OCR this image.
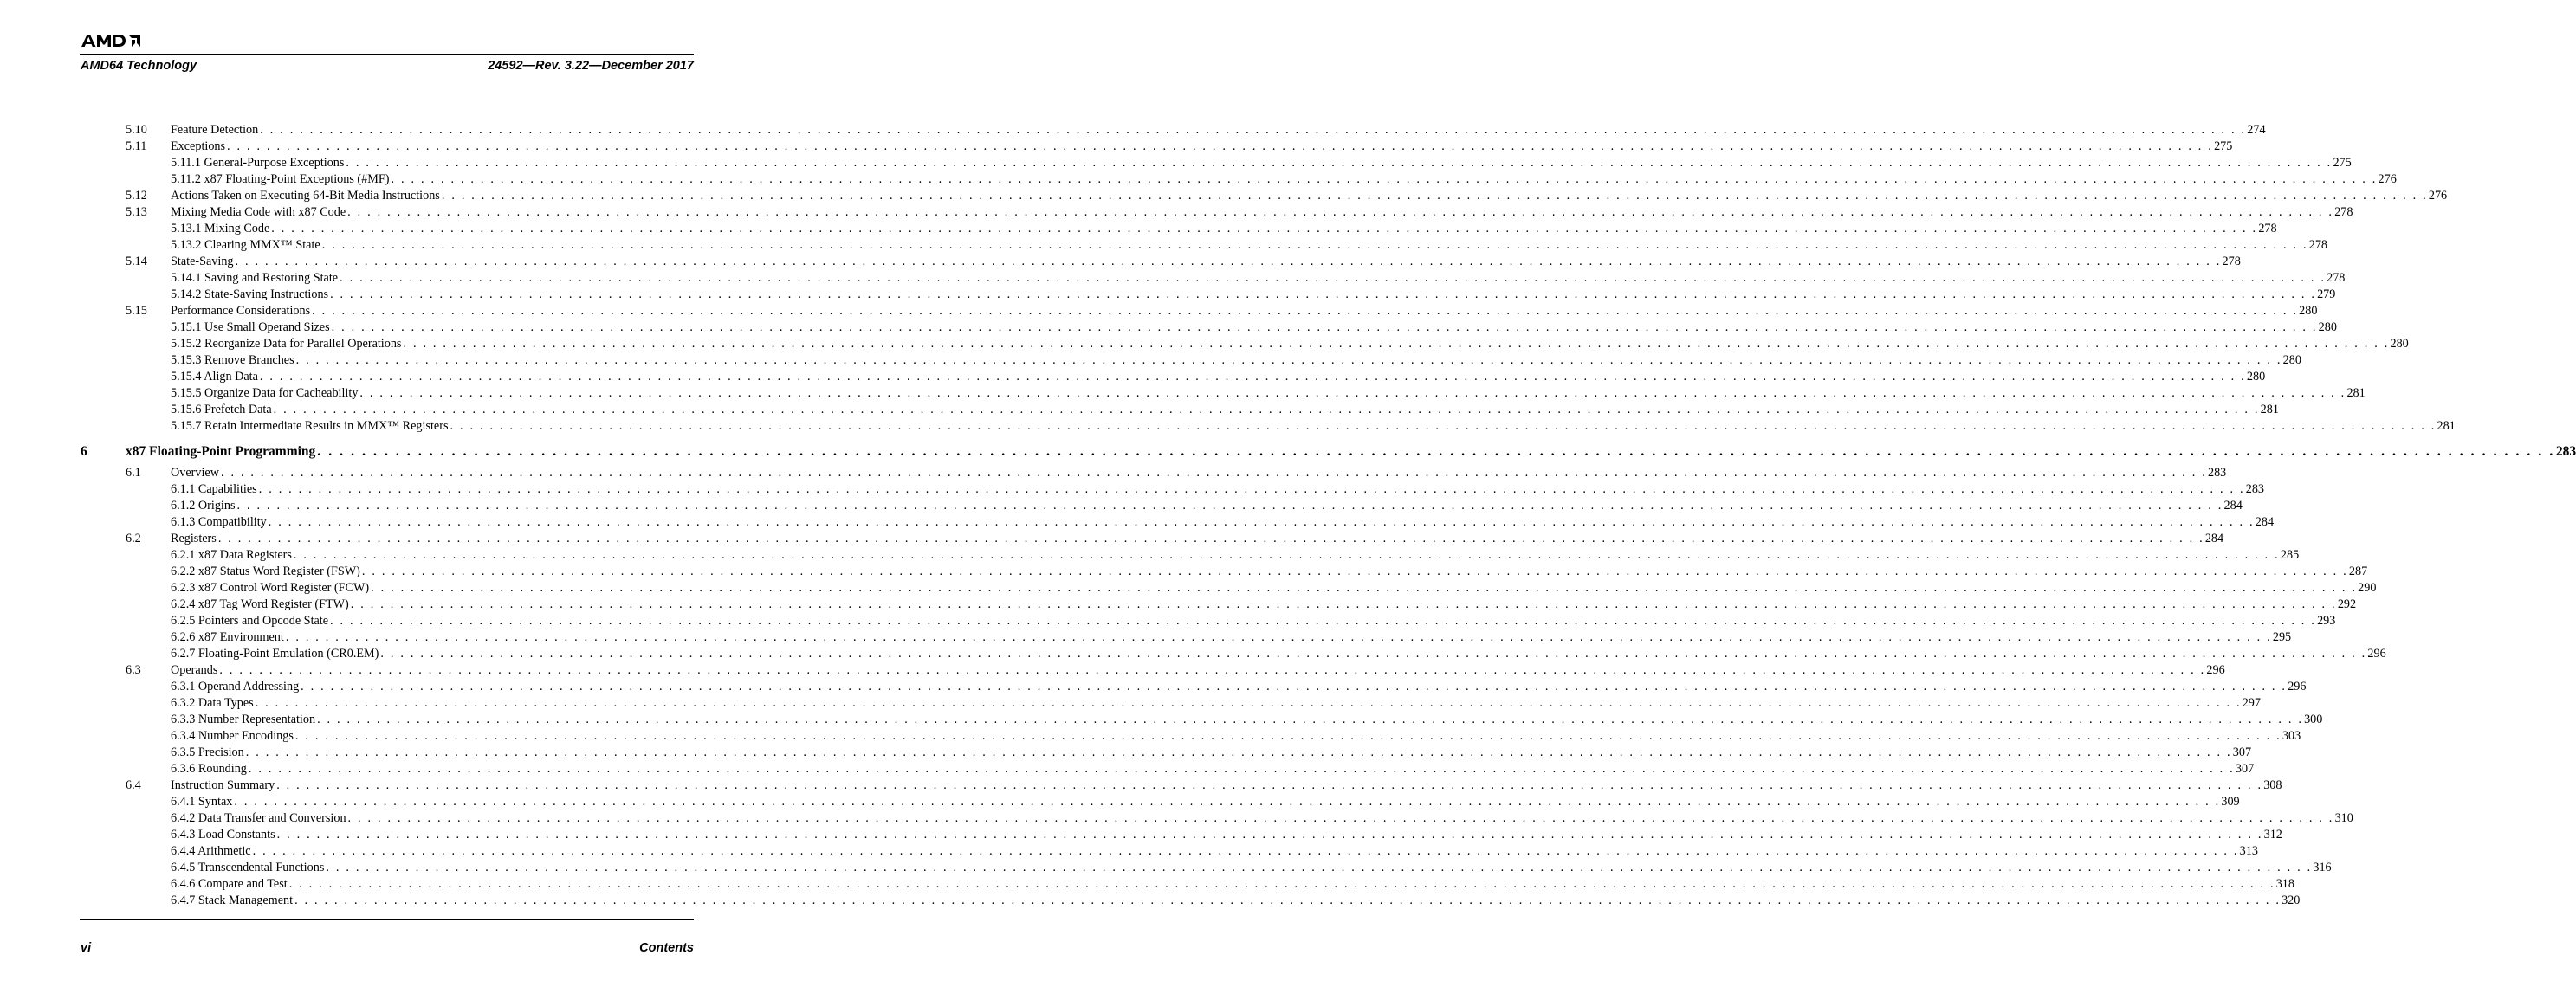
AMD64 Technology	24592—Rev. 3.22—December 2017
5.10 Feature Detection . . . . . . . . . . . . . . . . . . . . . . . . . . . . . . . . . . . . . . . . . . . . . . . . . . . . . . . . . . . . . . . . . . . . . . . . . . . . . . . . . . . . . . . . . . . . . . . . . . . . . . . . . . . . . . . . . . . . . . . . . . . . . . . . . . . . . . . . . . . . . . . . . . . . . . . . . . . . . . . . . . . . . . . . . . . . . . . . . . . . . . . . . . . . . . . . . . . . . . . . 274
5.11 Exceptions . . . . . . . . . . . . . . . . . . . . . . . . . . . . . . . . . . . . . . . . . . . . . . . . . . . . . . . . . . . . . . . . . . . . . . . . . . . . . . . . . . . . . . . . . . . . . . . . . . . . . . . . . . . . . . . . . . . . . . . . . . . . . . . . . . . . . . . . . . . . . . . . . . . . . . . . . . . . . . . . . . . . . . . . . . . . . . . . . . . . . . . . . . . . . . . . . . . . . . . . 275
5.11.1 General-Purpose Exceptions . . . . . . . . . . . . . . . . . . . . . . . . . . . . . . . . . . . . . . . . . . . . . . . . . . . . . . . . . . . . . . . . . . . . . . . . . . . . . . . . . . . . . . . . . . . . . . . . . . . . . . . . . . . . . . . . . . . . . . . . . . . . . . . . . . . . . . . . . . . . . . . . . . . . . . . . . . . . . . . . . . . . . . . . . . . . . . . . . . . . . . . . . . . . . . . . . . . . . . . . 275
5.11.2 x87 Floating-Point Exceptions (#MF) . . . . . . . . . . . . . . . . . . . . . . . . . . . . . . . . . . . . . . . . . . . . . . . . . . . . . . . . . . . . . . . . . . . . . . . . . . . . . . . . . . . . . . . . . . . . . . . . . . . . . . . . . . . . . . . . . . . . . . . . . . . . . . . . . . . . . . . . . . . . . . . . . . . . . . . . . . . . . . . . . . . . . . . . . . . . . . . . . . . . . . . . . . . . . . . . . . . . . . . . 276
5.12 Actions Taken on Executing 64-Bit Media Instructions . . . . . . . . . . . . . . . . . . . . . . . . . . . . . . . . . . . . . . . . . . . . . . . . . . . . . . . . . . . . . . . . . . . . . . . . . . . . . . . . . . . . . . . . . . . . . . . . . . . . . . . . . . . . . . . . . . . . . . . . . . . . . . . . . . . . . . . . . . . . . . . . . . . . . . . . . . . . . . . . . . . . . . . . . . . . . . . . . . . . . . . . . . . . . . . . . . . . . . . . 276
5.13 Mixing Media Code with x87 Code . . . . . . . . . . . . . . . . . . . . . . . . . . . . . . . . . . . . . . . . . . . . . . . . . . . . . . . . . . . . . . . . . . . . . . . . . . . . . . . . . . . . . . . . . . . . . . . . . . . . . . . . . . . . . . . . . . . . . . . . . . . . . . . . . . . . . . . . . . . . . . . . . . . . . . . . . . . . . . . . . . . . . . . . . . . . . . . . . . . . . . . . . . . . . . . . . . . . . . . . 278
5.13.1 Mixing Code . . . . . . . . . . . . . . . . . . . . . . . . . . . . . . . . . . . . . . . . . . . . . . . . . . . . . . . . . . . . . . . . . . . . . . . . . . . . . . . . . . . . . . . . . . . . . . . . . . . . . . . . . . . . . . . . . . . . . . . . . . . . . . . . . . . . . . . . . . . . . . . . . . . . . . . . . . . . . . . . . . . . . . . . . . . . . . . . . . . . . . . . . . . . . . . . . . . . . . . . 278
5.13.2 Clearing MMX™ State . . . . . . . . . . . . . . . . . . . . . . . . . . . . . . . . . . . . . . . . . . . . . . . . . . . . . . . . . . . . . . . . . . . . . . . . . . . . . . . . . . . . . . . . . . . . . . . . . . . . . . . . . . . . . . . . . . . . . . . . . . . . . . . . . . . . . . . . . . . . . . . . . . . . . . . . . . . . . . . . . . . . . . . . . . . . . . . . . . . . . . . . . . . . . . . . . . . . . . . . 278
5.14 State-Saving . . . . . . . . . . . . . . . . . . . . . . . . . . . . . . . . . . . . . . . . . . . . . . . . . . . . . . . . . . . . . . . . . . . . . . . . . . . . . . . . . . . . . . . . . . . . . . . . . . . . . . . . . . . . . . . . . . . . . . . . . . . . . . . . . . . . . . . . . . . . . . . . . . . . . . . . . . . . . . . . . . . . . . . . . . . . . . . . . . . . . . . . . . . . . . . . . . . . . . . . 278
5.14.1 Saving and Restoring State . . . . . . . . . . . . . . . . . . . . . . . . . . . . . . . . . . . . . . . . . . . . . . . . . . . . . . . . . . . . . . . . . . . . . . . . . . . . . . . . . . . . . . . . . . . . . . . . . . . . . . . . . . . . . . . . . . . . . . . . . . . . . . . . . . . . . . . . . . . . . . . . . . . . . . . . . . . . . . . . . . . . . . . . . . . . . . . . . . . . . . . . . . . . . . . . . . . . . . . . 278
5.14.2 State-Saving Instructions . . . . . . . . . . . . . . . . . . . . . . . . . . . . . . . . . . . . . . . . . . . . . . . . . . . . . . . . . . . . . . . . . . . . . . . . . . . . . . . . . . . . . . . . . . . . . . . . . . . . . . . . . . . . . . . . . . . . . . . . . . . . . . . . . . . . . . . . . . . . . . . . . . . . . . . . . . . . . . . . . . . . . . . . . . . . . . . . . . . . . . . . . . . . . . . . . . . . . . . . 279
5.15 Performance Considerations . . . . . . . . . . . . . . . . . . . . . . . . . . . . . . . . . . . . . . . . . . . . . . . . . . . . . . . . . . . . . . . . . . . . . . . . . . . . . . . . . . . . . . . . . . . . . . . . . . . . . . . . . . . . . . . . . . . . . . . . . . . . . . . . . . . . . . . . . . . . . . . . . . . . . . . . . . . . . . . . . . . . . . . . . . . . . . . . . . . . . . . . . . . . . . . . . . . . . . . . 280
5.15.1 Use Small Operand Sizes . . . . . . . . . . . . . . . . . . . . . . . . . . . . . . . . . . . . . . . . . . . . . . . . . . . . . . . . . . . . . . . . . . . . . . . . . . . . . . . . . . . . . . . . . . . . . . . . . . . . . . . . . . . . . . . . . . . . . . . . . . . . . . . . . . . . . . . . . . . . . . . . . . . . . . . . . . . . . . . . . . . . . . . . . . . . . . . . . . . . . . . . . . . . . . . . . . . . . . . . 280
5.15.2 Reorganize Data for Parallel Operations . . . . . . . . . . . . . . . . . . . . . . . . . . . . . . . . . . . . . . . . . . . . . . . . . . . . . . . . . . . . . . . . . . . . . . . . . . . . . . . . . . . . . . . . . . . . . . . . . . . . . . . . . . . . . . . . . . . . . . . . . . . . . . . . . . . . . . . . . . . . . . . . . . . . . . . . . . . . . . . . . . . . . . . . . . . . . . . . . . . . . . . . . . . . . . . . . . . . . . . . 280
5.15.3 Remove Branches . . . . . . . . . . . . . . . . . . . . . . . . . . . . . . . . . . . . . . . . . . . . . . . . . . . . . . . . . . . . . . . . . . . . . . . . . . . . . . . . . . . . . . . . . . . . . . . . . . . . . . . . . . . . . . . . . . . . . . . . . . . . . . . . . . . . . . . . . . . . . . . . . . . . . . . . . . . . . . . . . . . . . . . . . . . . . . . . . . . . . . . . . . . . . . . . . . . . . . . . 280
5.15.4 Align Data . . . . . . . . . . . . . . . . . . . . . . . . . . . . . . . . . . . . . . . . . . . . . . . . . . . . . . . . . . . . . . . . . . . . . . . . . . . . . . . . . . . . . . . . . . . . . . . . . . . . . . . . . . . . . . . . . . . . . . . . . . . . . . . . . . . . . . . . . . . . . . . . . . . . . . . . . . . . . . . . . . . . . . . . . . . . . . . . . . . . . . . . . . . . . . . . . . . . . . . . 280
5.15.5 Organize Data for Cacheability . . . . . . . . . . . . . . . . . . . . . . . . . . . . . . . . . . . . . . . . . . . . . . . . . . . . . . . . . . . . . . . . . . . . . . . . . . . . . . . . . . . . . . . . . . . . . . . . . . . . . . . . . . . . . . . . . . . . . . . . . . . . . . . . . . . . . . . . . . . . . . . . . . . . . . . . . . . . . . . . . . . . . . . . . . . . . . . . . . . . . . . . . . . . . . . . . . . . . . . . 281
5.15.6 Prefetch Data . . . . . . . . . . . . . . . . . . . . . . . . . . . . . . . . . . . . . . . . . . . . . . . . . . . . . . . . . . . . . . . . . . . . . . . . . . . . . . . . . . . . . . . . . . . . . . . . . . . . . . . . . . . . . . . . . . . . . . . . . . . . . . . . . . . . . . . . . . . . . . . . . . . . . . . . . . . . . . . . . . . . . . . . . . . . . . . . . . . . . . . . . . . . . . . . . . . . . . . . 281
5.15.7 Retain Intermediate Results in MMX™ Registers . . . . . . . . . . . . . . . . . . . . . . . . . . . . . . . . . . . . . . . . . . . . . . . . . . . . . . . . . . . . . . . . . . . . . . . . . . . . . . . . . . . . . . . . . . . . . . . . . . . . . . . . . . . . . . . . . . . . . . . . . . . . . . . . . . . . . . . . . . . . . . . . . . . . . . . . . . . . . . . . . . . . . . . . . . . . . . . . . . . . . . . . . . . . . . . . . . . . . . . . 281
6	x87 Floating-Point Programming . . . . . . . . . . . . . . . . . . . . . . . . . . . . . . . . . . . . . . . . . . . . . . . . . . . . . . . . . . . . . . . . . . . . . . . . . . . . . . . . . . . . . . . . . . . . . . . . . . . . . . . . . . . . . . . . . . . . . . . . . . . . . . . . . . . . . . . . . . . . . . . . . . . . . . . . . . . . . . . . . . . . . . . . . . . . . . . . . . . . . . . . . . . . . . . . . . . . . . . . 283
6.1 Overview . . . . . . . . . . . . . . . . . . . . . . . . . . . . . . . . . . . . . . . . . . . . . . . . . . . . . . . . . . . . . . . . . . . . . . . . . . . . . . . . . . . . . . . . . . . . . . . . . . . . . . . . . . . . . . . . . . . . . . . . . . . . . . . . . . . . . . . . . . . . . . . . . . . . . . . . . . . . . . . . . . . . . . . . . . . . . . . . . . . . . . . . . . . . . . . . . . . . . . . . 283
6.1.1 Capabilities . . . . . . . . . . . . . . . . . . . . . . . . . . . . . . . . . . . . . . . . . . . . . . . . . . . . . . . . . . . . . . . . . . . . . . . . . . . . . . . . . . . . . . . . . . . . . . . . . . . . . . . . . . . . . . . . . . . . . . . . . . . . . . . . . . . . . . . . . . . . . . . . . . . . . . . . . . . . . . . . . . . . . . . . . . . . . . . . . . . . . . . . . . . . . . . . . . . . . . . . 283
6.1.2 Origins . . . . . . . . . . . . . . . . . . . . . . . . . . . . . . . . . . . . . . . . . . . . . . . . . . . . . . . . . . . . . . . . . . . . . . . . . . . . . . . . . . . . . . . . . . . . . . . . . . . . . . . . . . . . . . . . . . . . . . . . . . . . . . . . . . . . . . . . . . . . . . . . . . . . . . . . . . . . . . . . . . . . . . . . . . . . . . . . . . . . . . . . . . . . . . . . . . . . . . . . 284
6.1.3 Compatibility . . . . . . . . . . . . . . . . . . . . . . . . . . . . . . . . . . . . . . . . . . . . . . . . . . . . . . . . . . . . . . . . . . . . . . . . . . . . . . . . . . . . . . . . . . . . . . . . . . . . . . . . . . . . . . . . . . . . . . . . . . . . . . . . . . . . . . . . . . . . . . . . . . . . . . . . . . . . . . . . . . . . . . . . . . . . . . . . . . . . . . . . . . . . . . . . . . . . . . . . 284
6.2 Registers . . . . . . . . . . . . . . . . . . . . . . . . . . . . . . . . . . . . . . . . . . . . . . . . . . . . . . . . . . . . . . . . . . . . . . . . . . . . . . . . . . . . . . . . . . . . . . . . . . . . . . . . . . . . . . . . . . . . . . . . . . . . . . . . . . . . . . . . . . . . . . . . . . . . . . . . . . . . . . . . . . . . . . . . . . . . . . . . . . . . . . . . . . . . . . . . . . . . . . . . 284
6.2.1 x87 Data Registers . . . . . . . . . . . . . . . . . . . . . . . . . . . . . . . . . . . . . . . . . . . . . . . . . . . . . . . . . . . . . . . . . . . . . . . . . . . . . . . . . . . . . . . . . . . . . . . . . . . . . . . . . . . . . . . . . . . . . . . . . . . . . . . . . . . . . . . . . . . . . . . . . . . . . . . . . . . . . . . . . . . . . . . . . . . . . . . . . . . . . . . . . . . . . . . . . . . . . . . . 285
6.2.2 x87 Status Word Register (FSW) . . . . . . . . . . . . . . . . . . . . . . . . . . . . . . . . . . . . . . . . . . . . . . . . . . . . . . . . . . . . . . . . . . . . . . . . . . . . . . . . . . . . . . . . . . . . . . . . . . . . . . . . . . . . . . . . . . . . . . . . . . . . . . . . . . . . . . . . . . . . . . . . . . . . . . . . . . . . . . . . . . . . . . . . . . . . . . . . . . . . . . . . . . . . . . . . . . . . . . . . 287
6.2.3 x87 Control Word Register (FCW) . . . . . . . . . . . . . . . . . . . . . . . . . . . . . . . . . . . . . . . . . . . . . . . . . . . . . . . . . . . . . . . . . . . . . . . . . . . . . . . . . . . . . . . . . . . . . . . . . . . . . . . . . . . . . . . . . . . . . . . . . . . . . . . . . . . . . . . . . . . . . . . . . . . . . . . . . . . . . . . . . . . . . . . . . . . . . . . . . . . . . . . . . . . . . . . . . . . . . . . . 290
6.2.4 x87 Tag Word Register (FTW) . . . . . . . . . . . . . . . . . . . . . . . . . . . . . . . . . . . . . . . . . . . . . . . . . . . . . . . . . . . . . . . . . . . . . . . . . . . . . . . . . . . . . . . . . . . . . . . . . . . . . . . . . . . . . . . . . . . . . . . . . . . . . . . . . . . . . . . . . . . . . . . . . . . . . . . . . . . . . . . . . . . . . . . . . . . . . . . . . . . . . . . . . . . . . . . . . . . . . . . . 292
6.2.5 Pointers and Opcode State . . . . . . . . . . . . . . . . . . . . . . . . . . . . . . . . . . . . . . . . . . . . . . . . . . . . . . . . . . . . . . . . . . . . . . . . . . . . . . . . . . . . . . . . . . . . . . . . . . . . . . . . . . . . . . . . . . . . . . . . . . . . . . . . . . . . . . . . . . . . . . . . . . . . . . . . . . . . . . . . . . . . . . . . . . . . . . . . . . . . . . . . . . . . . . . . . . . . . . . . 293
6.2.6 x87 Environment . . . . . . . . . . . . . . . . . . . . . . . . . . . . . . . . . . . . . . . . . . . . . . . . . . . . . . . . . . . . . . . . . . . . . . . . . . . . . . . . . . . . . . . . . . . . . . . . . . . . . . . . . . . . . . . . . . . . . . . . . . . . . . . . . . . . . . . . . . . . . . . . . . . . . . . . . . . . . . . . . . . . . . . . . . . . . . . . . . . . . . . . . . . . . . . . . . . . . . . . 295
6.2.7 Floating-Point Emulation (CR0.EM) . . . . . . . . . . . . . . . . . . . . . . . . . . . . . . . . . . . . . . . . . . . . . . . . . . . . . . . . . . . . . . . . . . . . . . . . . . . . . . . . . . . . . . . . . . . . . . . . . . . . . . . . . . . . . . . . . . . . . . . . . . . . . . . . . . . . . . . . . . . . . . . . . . . . . . . . . . . . . . . . . . . . . . . . . . . . . . . . . . . . . . . . . . . . . . . . . . . . . . . . 296
6.3 Operands . . . . . . . . . . . . . . . . . . . . . . . . . . . . . . . . . . . . . . . . . . . . . . . . . . . . . . . . . . . . . . . . . . . . . . . . . . . . . . . . . . . . . . . . . . . . . . . . . . . . . . . . . . . . . . . . . . . . . . . . . . . . . . . . . . . . . . . . . . . . . . . . . . . . . . . . . . . . . . . . . . . . . . . . . . . . . . . . . . . . . . . . . . . . . . . . . . . . . . . . 296
6.3.1 Operand Addressing . . . . . . . . . . . . . . . . . . . . . . . . . . . . . . . . . . . . . . . . . . . . . . . . . . . . . . . . . . . . . . . . . . . . . . . . . . . . . . . . . . . . . . . . . . . . . . . . . . . . . . . . . . . . . . . . . . . . . . . . . . . . . . . . . . . . . . . . . . . . . . . . . . . . . . . . . . . . . . . . . . . . . . . . . . . . . . . . . . . . . . . . . . . . . . . . . . . . . . . . 296
6.3.2 Data Types . . . . . . . . . . . . . . . . . . . . . . . . . . . . . . . . . . . . . . . . . . . . . . . . . . . . . . . . . . . . . . . . . . . . . . . . . . . . . . . . . . . . . . . . . . . . . . . . . . . . . . . . . . . . . . . . . . . . . . . . . . . . . . . . . . . . . . . . . . . . . . . . . . . . . . . . . . . . . . . . . . . . . . . . . . . . . . . . . . . . . . . . . . . . . . . . . . . . . . . . 297
6.3.3 Number Representation . . . . . . . . . . . . . . . . . . . . . . . . . . . . . . . . . . . . . . . . . . . . . . . . . . . . . . . . . . . . . . . . . . . . . . . . . . . . . . . . . . . . . . . . . . . . . . . . . . . . . . . . . . . . . . . . . . . . . . . . . . . . . . . . . . . . . . . . . . . . . . . . . . . . . . . . . . . . . . . . . . . . . . . . . . . . . . . . . . . . . . . . . . . . . . . . . . . . . . . . 300
6.3.4 Number Encodings . . . . . . . . . . . . . . . . . . . . . . . . . . . . . . . . . . . . . . . . . . . . . . . . . . . . . . . . . . . . . . . . . . . . . . . . . . . . . . . . . . . . . . . . . . . . . . . . . . . . . . . . . . . . . . . . . . . . . . . . . . . . . . . . . . . . . . . . . . . . . . . . . . . . . . . . . . . . . . . . . . . . . . . . . . . . . . . . . . . . . . . . . . . . . . . . . . . . . . . . 303
6.3.5 Precision . . . . . . . . . . . . . . . . . . . . . . . . . . . . . . . . . . . . . . . . . . . . . . . . . . . . . . . . . . . . . . . . . . . . . . . . . . . . . . . . . . . . . . . . . . . . . . . . . . . . . . . . . . . . . . . . . . . . . . . . . . . . . . . . . . . . . . . . . . . . . . . . . . . . . . . . . . . . . . . . . . . . . . . . . . . . . . . . . . . . . . . . . . . . . . . . . . . . . . . . 307
6.3.6 Rounding . . . . . . . . . . . . . . . . . . . . . . . . . . . . . . . . . . . . . . . . . . . . . . . . . . . . . . . . . . . . . . . . . . . . . . . . . . . . . . . . . . . . . . . . . . . . . . . . . . . . . . . . . . . . . . . . . . . . . . . . . . . . . . . . . . . . . . . . . . . . . . . . . . . . . . . . . . . . . . . . . . . . . . . . . . . . . . . . . . . . . . . . . . . . . . . . . . . . . . . . 307
6.4 Instruction Summary . . . . . . . . . . . . . . . . . . . . . . . . . . . . . . . . . . . . . . . . . . . . . . . . . . . . . . . . . . . . . . . . . . . . . . . . . . . . . . . . . . . . . . . . . . . . . . . . . . . . . . . . . . . . . . . . . . . . . . . . . . . . . . . . . . . . . . . . . . . . . . . . . . . . . . . . . . . . . . . . . . . . . . . . . . . . . . . . . . . . . . . . . . . . . . . . . . . . . . . . 308
6.4.1 Syntax . . . . . . . . . . . . . . . . . . . . . . . . . . . . . . . . . . . . . . . . . . . . . . . . . . . . . . . . . . . . . . . . . . . . . . . . . . . . . . . . . . . . . . . . . . . . . . . . . . . . . . . . . . . . . . . . . . . . . . . . . . . . . . . . . . . . . . . . . . . . . . . . . . . . . . . . . . . . . . . . . . . . . . . . . . . . . . . . . . . . . . . . . . . . . . . . . . . . . . . . 309
6.4.2 Data Transfer and Conversion . . . . . . . . . . . . . . . . . . . . . . . . . . . . . . . . . . . . . . . . . . . . . . . . . . . . . . . . . . . . . . . . . . . . . . . . . . . . . . . . . . . . . . . . . . . . . . . . . . . . . . . . . . . . . . . . . . . . . . . . . . . . . . . . . . . . . . . . . . . . . . . . . . . . . . . . . . . . . . . . . . . . . . . . . . . . . . . . . . . . . . . . . . . . . . . . . . . . . . . . 310
6.4.3 Load Constants . . . . . . . . . . . . . . . . . . . . . . . . . . . . . . . . . . . . . . . . . . . . . . . . . . . . . . . . . . . . . . . . . . . . . . . . . . . . . . . . . . . . . . . . . . . . . . . . . . . . . . . . . . . . . . . . . . . . . . . . . . . . . . . . . . . . . . . . . . . . . . . . . . . . . . . . . . . . . . . . . . . . . . . . . . . . . . . . . . . . . . . . . . . . . . . . . . . . . . . . 312
6.4.4 Arithmetic . . . . . . . . . . . . . . . . . . . . . . . . . . . . . . . . . . . . . . . . . . . . . . . . . . . . . . . . . . . . . . . . . . . . . . . . . . . . . . . . . . . . . . . . . . . . . . . . . . . . . . . . . . . . . . . . . . . . . . . . . . . . . . . . . . . . . . . . . . . . . . . . . . . . . . . . . . . . . . . . . . . . . . . . . . . . . . . . . . . . . . . . . . . . . . . . . . . . . . . . 313
6.4.5 Transcendental Functions . . . . . . . . . . . . . . . . . . . . . . . . . . . . . . . . . . . . . . . . . . . . . . . . . . . . . . . . . . . . . . . . . . . . . . . . . . . . . . . . . . . . . . . . . . . . . . . . . . . . . . . . . . . . . . . . . . . . . . . . . . . . . . . . . . . . . . . . . . . . . . . . . . . . . . . . . . . . . . . . . . . . . . . . . . . . . . . . . . . . . . . . . . . . . . . . . . . . . . . . 316
6.4.6 Compare and Test . . . . . . . . . . . . . . . . . . . . . . . . . . . . . . . . . . . . . . . . . . . . . . . . . . . . . . . . . . . . . . . . . . . . . . . . . . . . . . . . . . . . . . . . . . . . . . . . . . . . . . . . . . . . . . . . . . . . . . . . . . . . . . . . . . . . . . . . . . . . . . . . . . . . . . . . . . . . . . . . . . . . . . . . . . . . . . . . . . . . . . . . . . . . . . . . . . . . . . . . 318
6.4.7 Stack Management . . . . . . . . . . . . . . . . . . . . . . . . . . . . . . . . . . . . . . . . . . . . . . . . . . . . . . . . . . . . . . . . . . . . . . . . . . . . . . . . . . . . . . . . . . . . . . . . . . . . . . . . . . . . . . . . . . . . . . . . . . . . . . . . . . . . . . . . . . . . . . . . . . . . . . . . . . . . . . . . . . . . . . . . . . . . . . . . . . . . . . . . . . . . . . . . . . . . . . . . 320
vi	Contents
